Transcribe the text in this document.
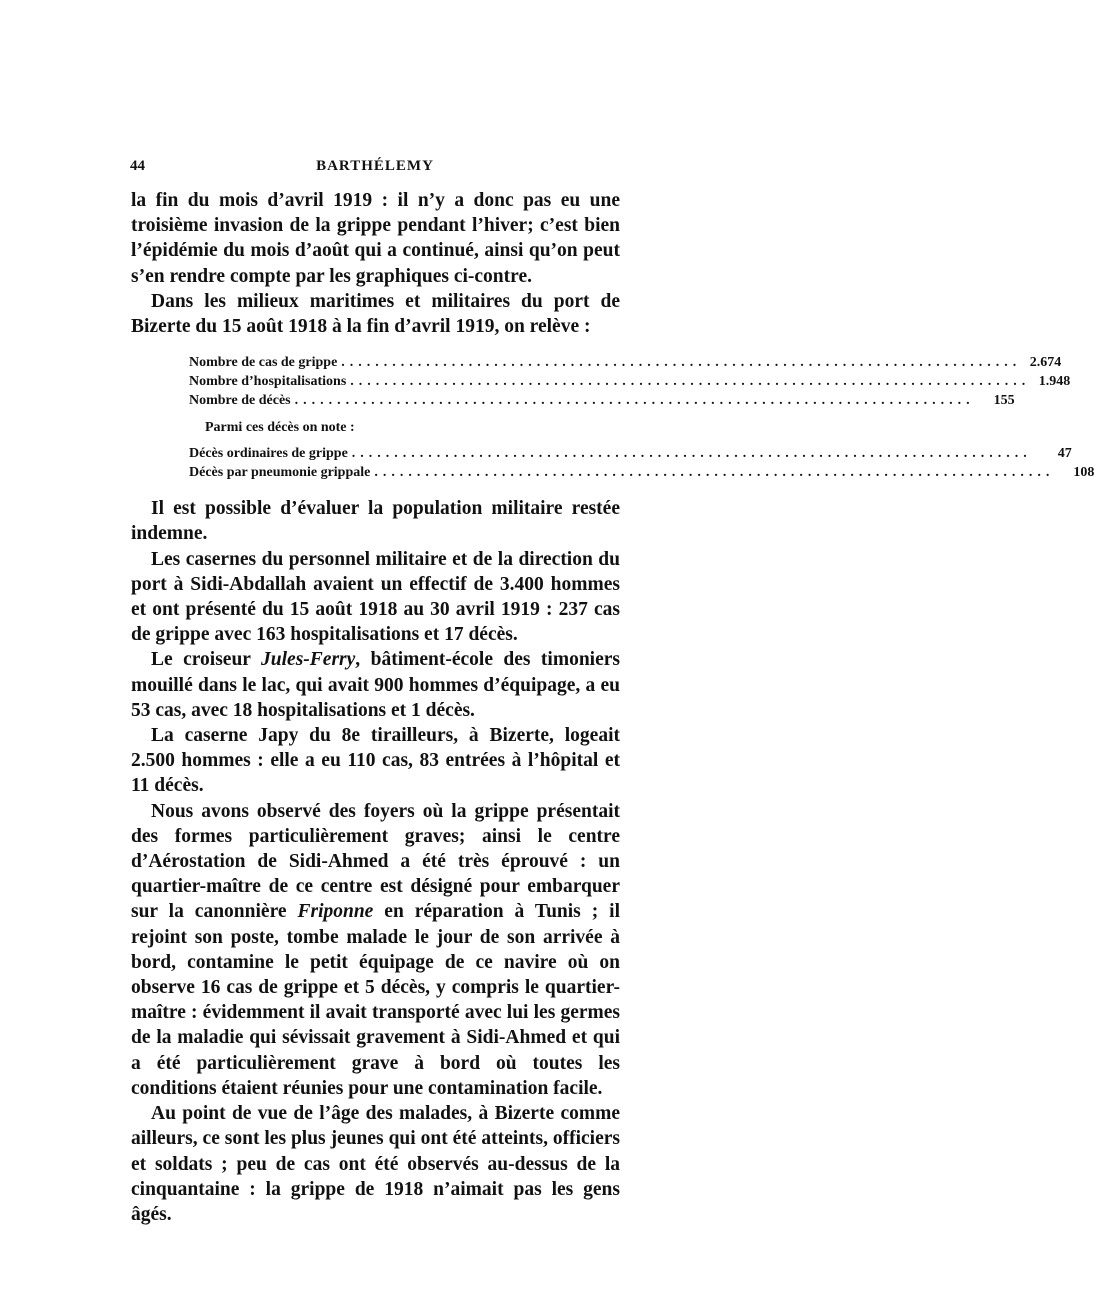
44	BARTHÉLEMY

la fin du mois d’avril 1919 : il n’y a donc pas eu une troisième invasion de la grippe pendant l’hiver; c’est bien l’épidémie du mois d’août qui a continué, ainsi qu’on peut s’en rendre compte par les graphiques ci-contre.

Dans les milieux maritimes et militaires du port de Bizerte du 15 août 1918 à la fin d’avril 1919, on relève :

Nombre de cas de grippe ................................................................................ 2.674
Nombre d’hospitalisations ................................................................................ 1.948
Nombre de décès ................................................................................	155
Parmi ces décès on note :
Décès ordinaires de grippe ................................................................................	47
Décès par pneumonie grippale ................................................................................	108

Il est possible d’évaluer la population militaire restée indemne.

Les casernes du personnel militaire et de la direction du port à Sidi-Abdallah avaient un effectif de 3.400 hommes et ont présenté du 15 août 1918 au 30 avril 1919 : 237 cas de grippe avec 163 hospitalisations et 17 décès.

Le croiseur Jules-Ferry, bâtiment-école des timoniers mouillé dans le lac, qui avait 900 hommes d’équipage, a eu 53 cas, avec 18 hospitalisations et 1 décès.

La caserne Japy du 8e tirailleurs, à Bizerte, logeait 2.500 hommes : elle a eu 110 cas, 83 entrées à l’hôpital et 11 décès.

Nous avons observé des foyers où la grippe présentait des formes particulièrement graves; ainsi le centre d’Aérostation de Sidi-Ahmed a été très éprouvé : un quartier-maître de ce centre est désigné pour embarquer sur la canonnière Friponne en réparation à Tunis ; il rejoint son poste, tombe malade le jour de son arrivée à bord, contamine le petit équipage de ce navire où on observe 16 cas de grippe et 5 décès, y compris le quartier-maître : évidemment il avait transporté avec lui les germes de la maladie qui sévissait gravement à Sidi-Ahmed et qui a été particulièrement grave à bord où toutes les conditions étaient réunies pour une contamination facile.

Au point de vue de l’âge des malades, à Bizerte comme ailleurs, ce sont les plus jeunes qui ont été atteints, officiers et soldats ; peu de cas ont été observés au-dessus de la cinquantaine : la grippe de 1918 n’aimait pas les gens âgés.
